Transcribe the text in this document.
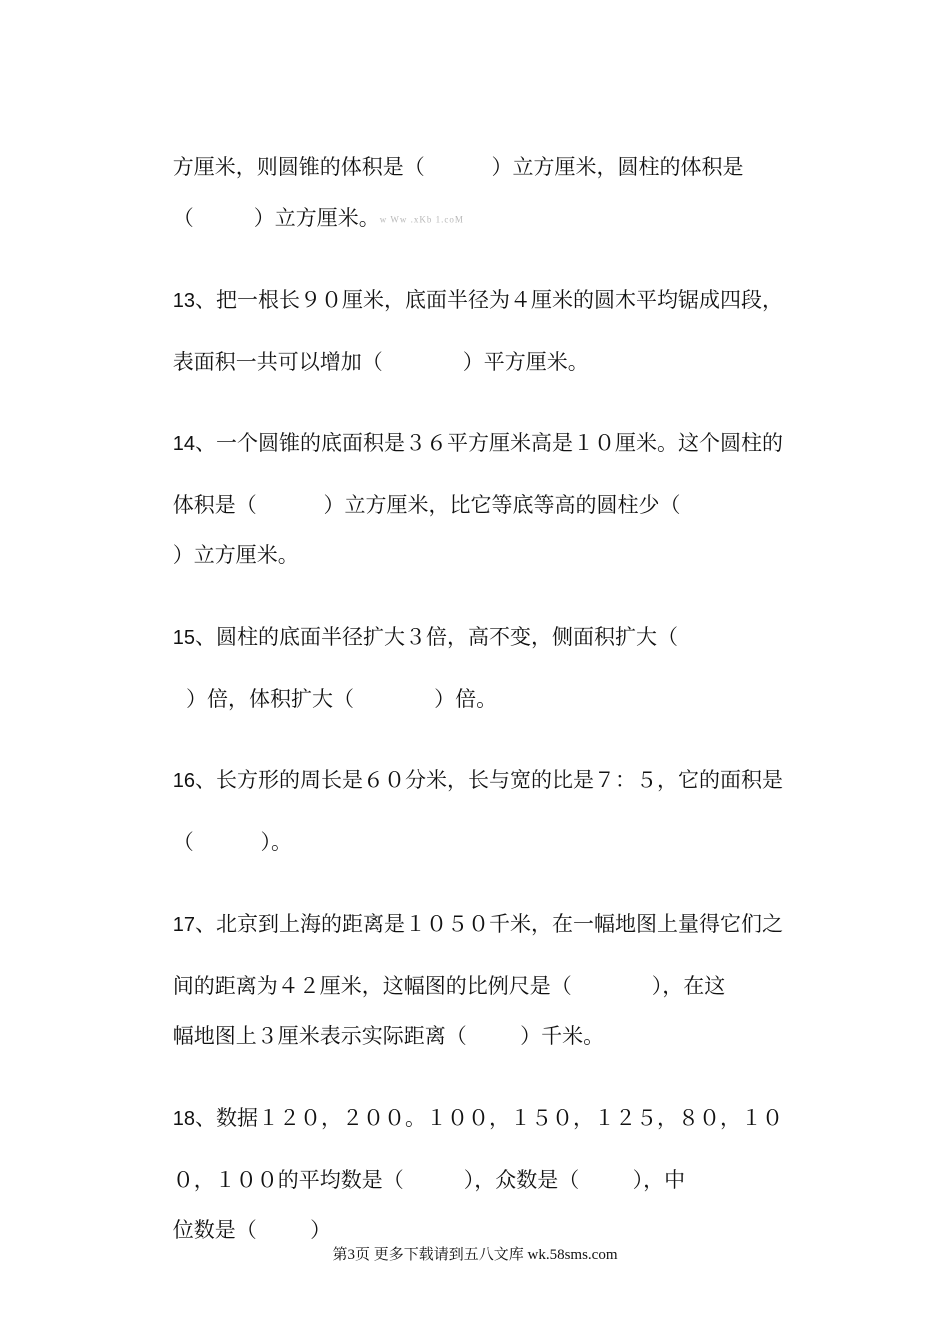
方厘米，则圆锥的体积是（          ）立方厘米，圆柱的体积是

（         ）立方厘米。w Ww .xKb 1.coM

13、把一根长９０厘米，底面半径为４厘米的圆木平均锯成四段，

表面积一共可以增加（            ）平方厘米。

14、一个圆锥的底面积是３６平方厘米高是１０厘米。这个圆柱的

体积是（          ）立方厘米，比它等底等高的圆柱少（

）立方厘米。

15、圆柱的底面半径扩大３倍，高不变，侧面积扩大（

）倍，体积扩大（            ）倍。

16、长方形的周长是６０分米，长与宽的比是７：５，它的面积是

（          ）。

17、北京到上海的距离是１０５０千米，在一幅地图上量得它们之

间的距离为４２厘米，这幅图的比例尺是（            ），在这

幅地图上３厘米表示实际距离（        ）千米。

18、数据１２０，２００。１００，１５０，１２５，８０，１０

０，１００的平均数是（         ），众数是（        ），中

位数是（        ）

第3页 更多下载请到五八文库 wk.58sms.com
